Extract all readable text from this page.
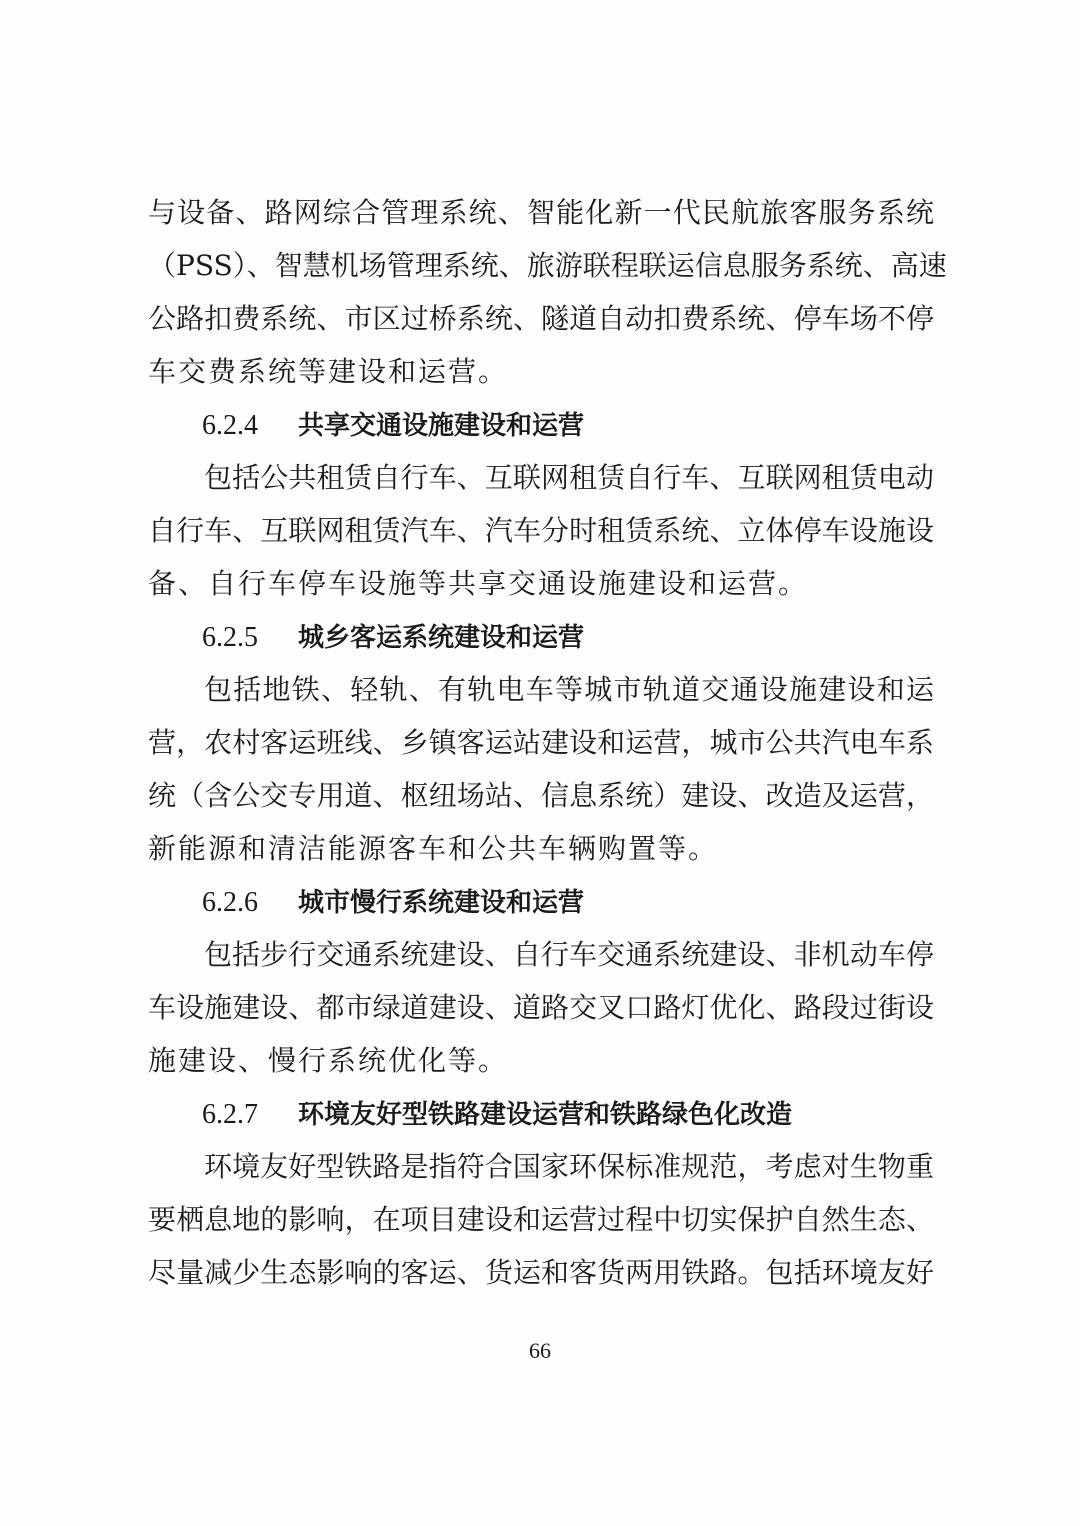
与设备、路网综合管理系统、智能化新一代民航旅客服务系统
（PSS）、智慧机场管理系统、旅游联程联运信息服务系统、高速
公路扣费系统、市区过桥系统、隧道自动扣费系统、停车场不停
车交费系统等建设和运营。
6.2.4 共享交通设施建设和运营
包括公共租赁自行车、互联网租赁自行车、互联网租赁电动
自行车、互联网租赁汽车、汽车分时租赁系统、立体停车设施设
备、自行车停车设施等共享交通设施建设和运营。
6.2.5 城乡客运系统建设和运营
包括地铁、轻轨、有轨电车等城市轨道交通设施建设和运
营，农村客运班线、乡镇客运站建设和运营，城市公共汽电车系
统（含公交专用道、枢纽场站、信息系统）建设、改造及运营，
新能源和清洁能源客车和公共车辆购置等。
6.2.6 城市慢行系统建设和运营
包括步行交通系统建设、自行车交通系统建设、非机动车停
车设施建设、都市绿道建设、道路交叉口路灯优化、路段过街设
施建设、慢行系统优化等。
6.2.7 环境友好型铁路建设运营和铁路绿色化改造
环境友好型铁路是指符合国家环保标准规范，考虑对生物重
要栖息地的影响，在项目建设和运营过程中切实保护自然生态、
尽量减少生态影响的客运、货运和客货两用铁路。包括环境友好
66
